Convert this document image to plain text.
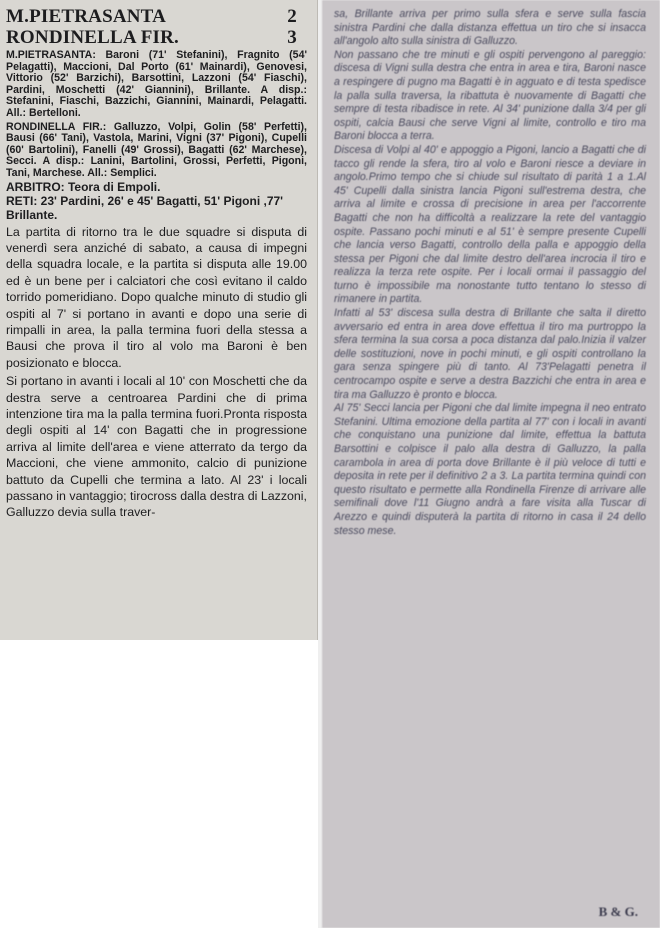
M.PIETRASANTA	2
RONDINELLA FIR.	3

M.PIETRASANTA: Baroni (71' Stefanini), Fragnito (54' Pelagatti), Maccioni, Dal Porto (61' Mainardi), Genovesi, Vittorio (52' Barzichi), Barsottini, Lazzoni (54' Fiaschi), Pardini, Moschetti (42' Giannini), Brillante. A disp.: Stefanini, Fiaschi, Bazzichi, Giannini, Mainardi, Pelagatti. All.: Bertelloni.

RONDINELLA FIR.: Galluzzo, Volpi, Golin (58' Perfetti), Bausi (66' Tani), Vastola, Marini, Vigni (37' Pigoni), Cupelli (60' Bartolini), Fanelli (49' Grossi), Bagatti (62' Marchese), Secci. A disp.: Lanini, Bartolini, Grossi, Perfetti, Pigoni, Tani, Marchese. All.: Semplici.

ARBITRO: Teora di Empoli.

RETI: 23' Pardini, 26' e 45' Bagatti, 51' Pigoni ,77' Brillante.

La partita di ritorno tra le due squadre si disputa di venerdì sera anziché di sabato, a causa di impegni della squadra locale, e la partita si disputa alle 19.00 ed è un bene per i calciatori che così evitano il caldo torrido pomeridiano. Dopo qualche minuto di studio gli ospiti al 7' si portano in avanti e dopo una serie di rimpalli in area, la palla termina fuori della stessa a Bausi che prova il tiro al volo ma Baroni è ben posizionato e blocca.

Si portano in avanti i locali al 10' con Moschetti che da destra serve a centroarea Pardini che di prima intenzione tira ma la palla termina fuori.Pronta risposta degli ospiti al 14' con Bagatti che in progressione arriva al limite dell'area e viene atterrato da tergo da Maccioni, che viene ammonito, calcio di punizione battuto da Cupelli che termina a lato. Al 23' i locali passano in vantaggio; tirocross dalla destra di Lazzoni, Galluzzo devia sulla traver-

sa, Brillante arriva per primo sulla sfera e serve sulla fascia sinistra Pardini che dalla distanza effettua un tiro che si insacca all'angolo alto sulla sinistra di Galluzzo.

Non passano che tre minuti e gli ospiti pervengono al pareggio: discesa di Vigni sulla destra che entra in area e tira, Baroni nasce a respingere di pugno ma Bagatti è in agguato e di testa spedisce la palla sulla traversa, la ribattuta è nuovamente di Bagatti che sempre di testa ribadisce in rete. Al 34' punizione dalla 3/4 per gli ospiti, calcia Bausi che serve Vigni al limite, controllo e tiro ma Baroni blocca a terra.

Discesa di Volpi al 40' e appoggio a Pigoni, lancio a Bagatti che di tacco gli rende la sfera, tiro al volo e Baroni riesce a deviare in angolo.Primo tempo che si chiude sul risultato di parità 1 a 1.Al 45' Cupelli dalla sinistra lancia Pigoni sull'estrema destra, che arriva al limite e crossa di precisione in area per l'accorrente Bagatti che non ha difficoltà a realizzare la rete del vantaggio ospite. Passano pochi minuti e al 51' è sempre presente Cupelli che lancia verso Bagatti, controllo della palla e appoggio della stessa per Pigoni che dal limite destro dell'area incrocia il tiro e realizza la terza rete ospite. Per i locali ormai il passaggio del turno è impossibile ma nonostante tutto tentano lo stesso di rimanere in partita.

Infatti al 53' discesa sulla destra di Brillante che salta il diretto avversario ed entra in area dove effettua il tiro ma purtroppo la sfera termina la sua corsa a poca distanza dal palo.Inizia il valzer delle sostituzioni, nove in pochi minuti, e gli ospiti controllano la gara senza spingere più di tanto. Al 73'Pelagatti penetra il centrocampo ospite e serve a destra Bazzichi che entra in area e tira ma Galluzzo è pronto e blocca.

Al 75' Secci lancia per Pigoni che dal limite impegna il neo entrato Stefanini. Ultima emozione della partita al 77' con i locali in avanti che conquistano una punizione dal limite, effettua la battuta Barsottini e colpisce il palo alla destra di Galluzzo, la palla carambola in area di porta dove Brillante è il più veloce di tutti e deposita in rete per il definitivo 2 a 3. La partita termina quindi con questo risultato e permette alla Rondinella Firenze di arrivare alle semifinali dove l'11 Giugno andrà a fare visita alla Tuscar di Arezzo e quindi disputerà la partita di ritorno in casa il 24 dello stesso mese.

B & G.
